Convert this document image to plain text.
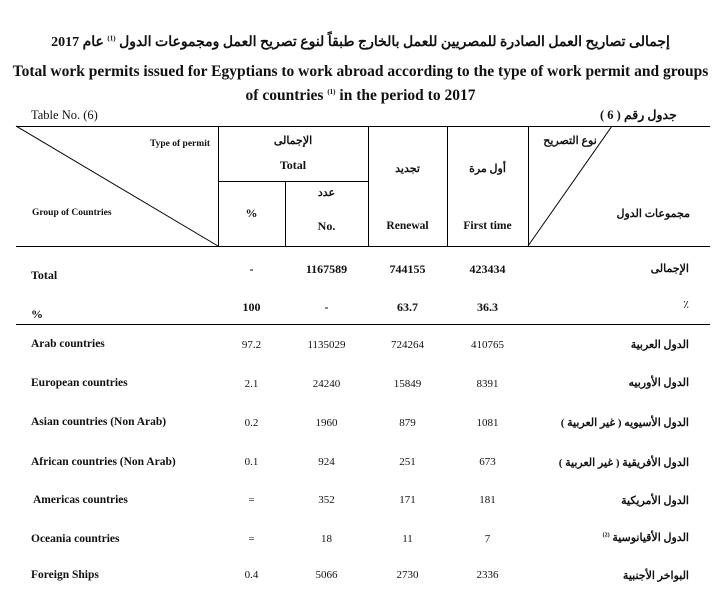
إجمالى تصاريح العمل الصادرة للمصريين للعمل بالخارج طبقاً لنوع تصريح العمل ومجموعات الدول $^{(1)}$ عام 2017
Total work permits issued for Egyptians to work abroad according to the type of work permit and groups
of countries $^{(1)}$ in the period to 2017
Table No. (6)	جدول رقم ( 6 )
Type of permit
Group of Countries
نوع التصريح
مجموعات الدول
الإجمالى
Total
%
عدد
No.
تجديد
Renewal
أول مرة
First time
Total	-	1167589	744155	423434	الإجمالى
%	100	-	63.7	36.3	٪
Arab countries	97.2	1135029	724264	410765	الدول العربية
European countries	2.1	24240	15849	8391	الدول الأوربيه
Asian countries (Non Arab)	0.2	1960	879	1081	الدول الأسيويه ( غير العربية )
African countries (Non Arab)	0.1	924	251	673	الدول الأفريقية ( غير العربية )
Americas countries	=	352	171	181	الدول الأمريكية
Oceania countries	=	18	11	7	الدول الأقيانوسية $^{(2)}$
Foreign Ships	0.4	5066	2730	2336	البواخر الأجنبية
